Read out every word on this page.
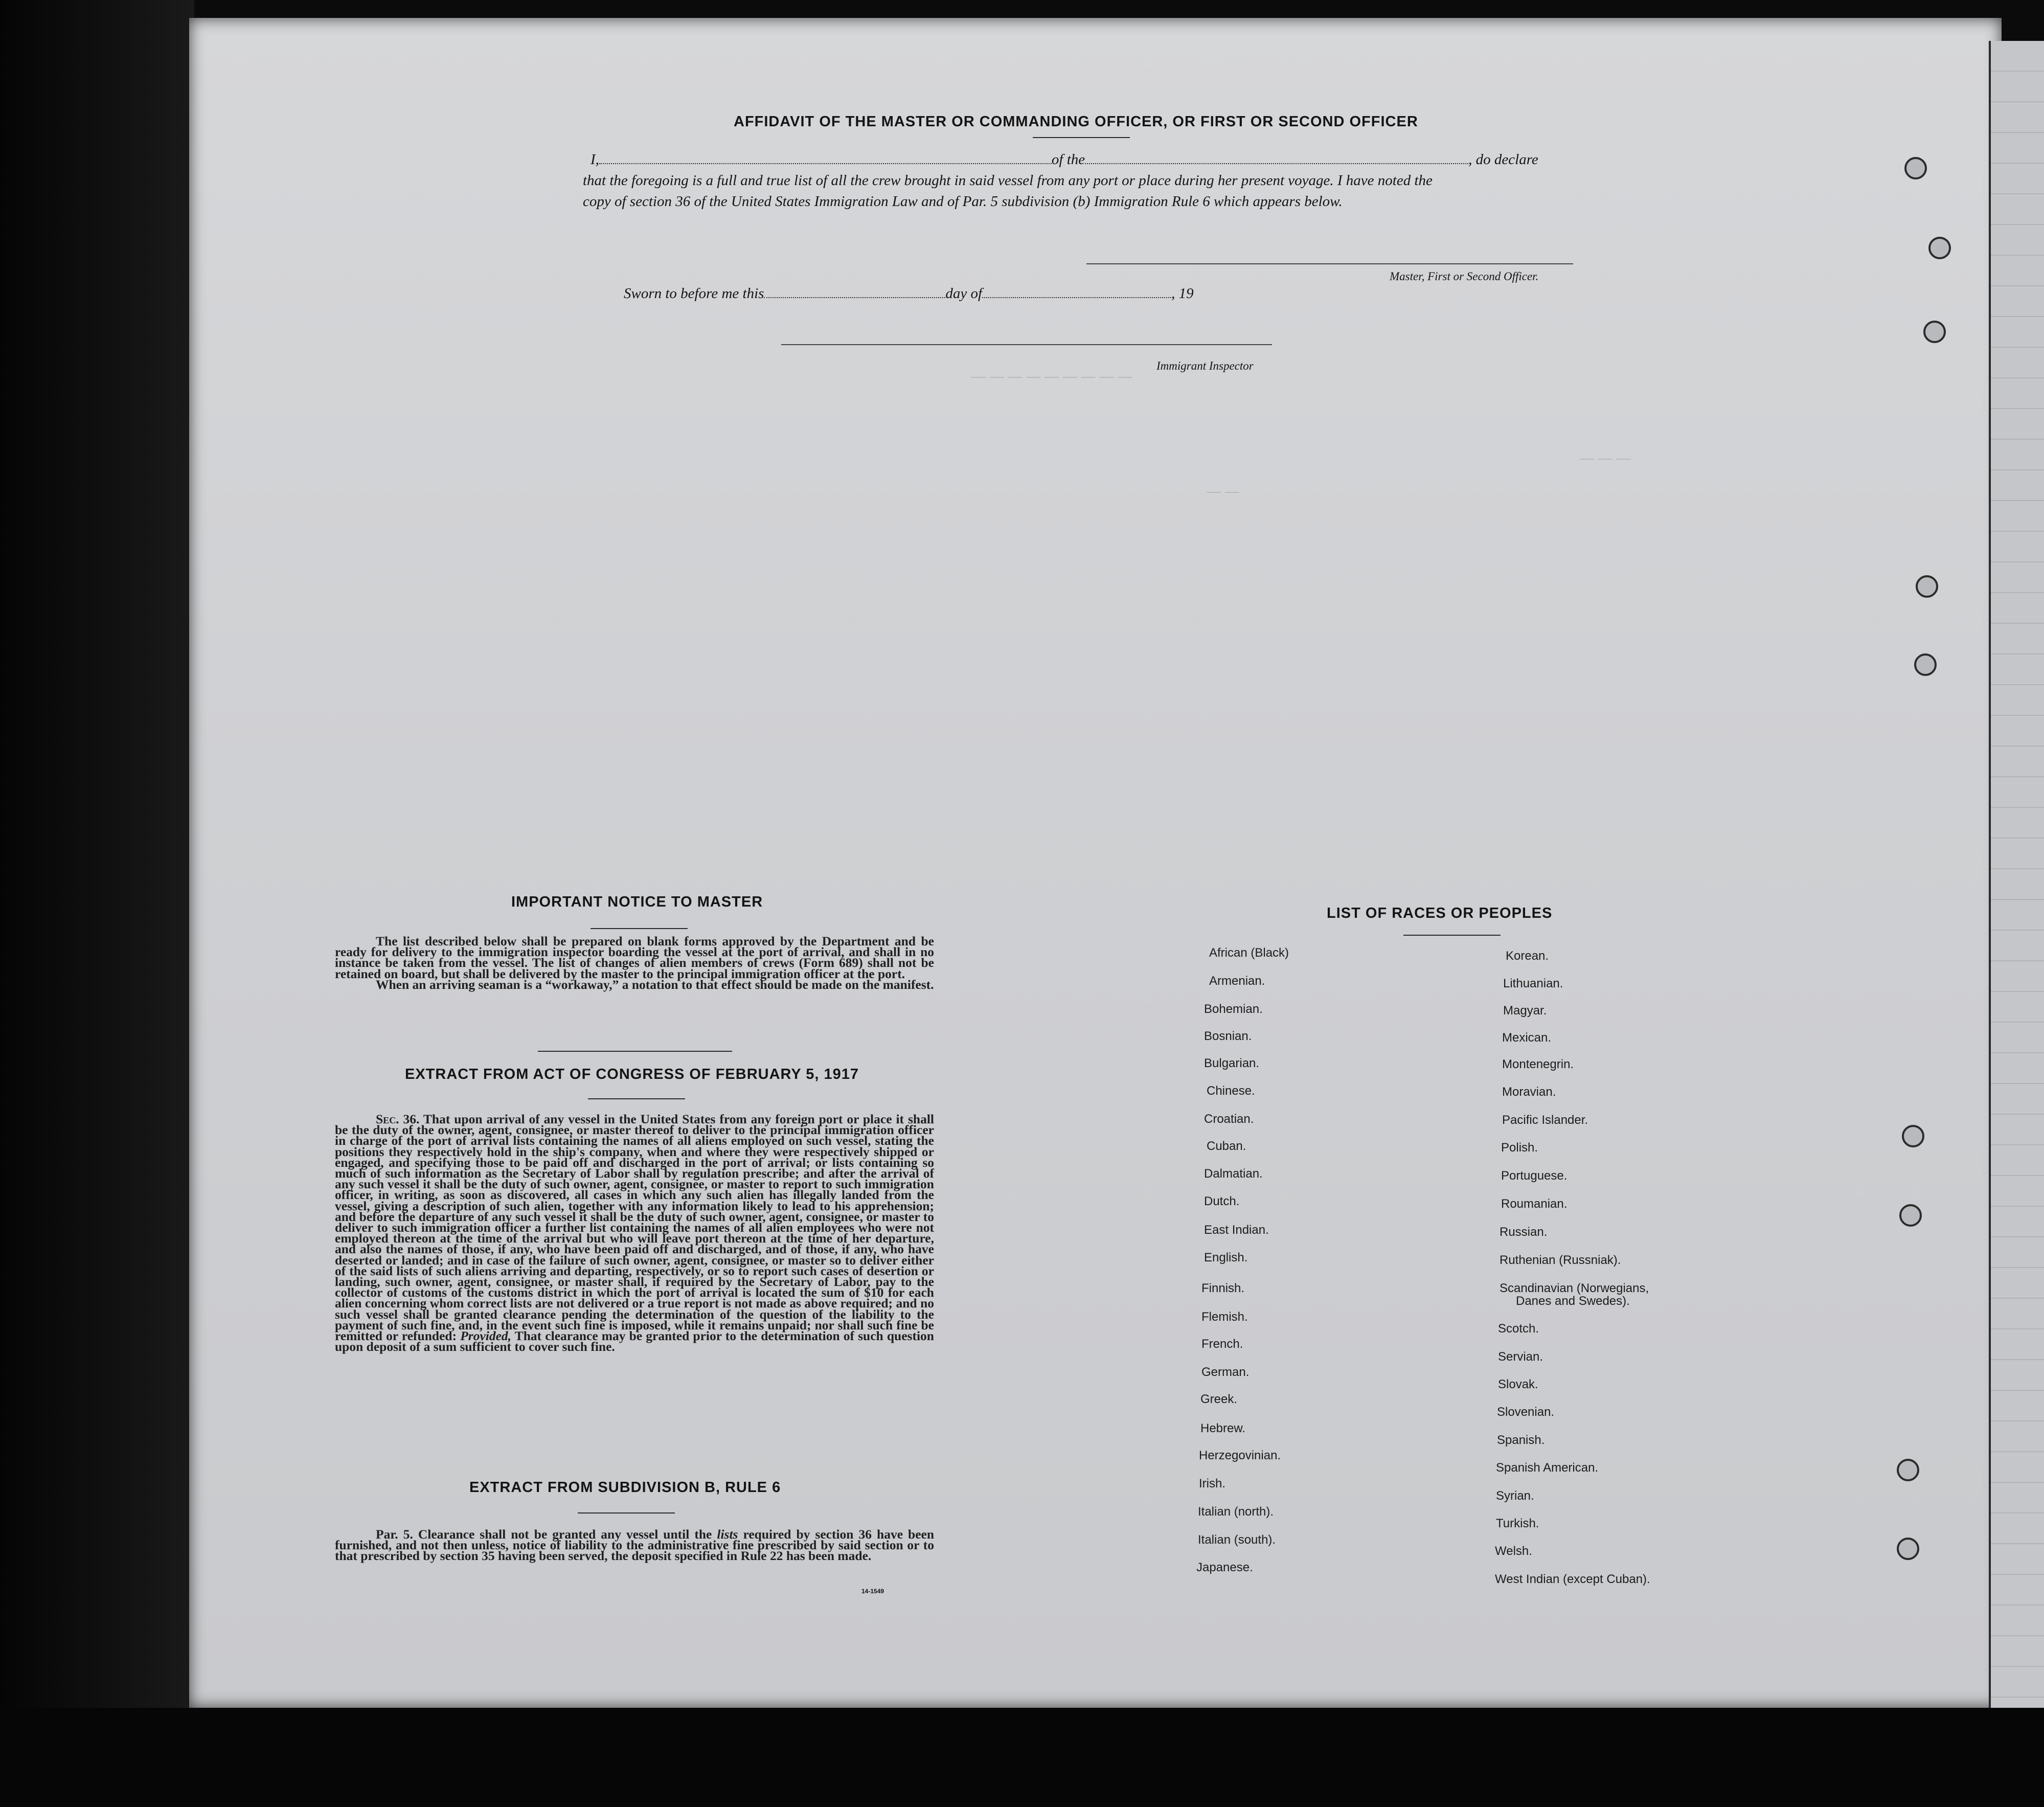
AFFIDAVIT OF THE MASTER OR COMMANDING OFFICER, OR FIRST OR SECOND OFFICER
I,	of the	, do declare
that the foregoing is a full and true list of all the crew brought in said vessel from any port or place during her present voyage. I have noted the
copy of section 36 of the United States Immigration Law and of Par. 5 subdivision (b) Immigration Rule 6 which appears below.
Master, First or Second Officer.
Sworn to before me this	day of	, 19
Immigrant Inspector
— — — — — — — — —
— —
— — —
IMPORTANT NOTICE TO MASTER

The list described below shall be prepared on blank forms approved by the Department and be ready for delivery to the immigration inspector boarding the vessel at the port of arrival, and shall in no instance be taken from the vessel. The list of changes of alien members of crews (Form 689) shall not be retained on board, but shall be delivered by the master to the principal immigration officer at the port.

When an arriving seaman is a “workaway,” a notation to that effect should be made on the manifest.

EXTRACT FROM ACT OF CONGRESS OF FEBRUARY 5, 1917

Sec. 36. That upon arrival of any vessel in the United States from any foreign port or place it shall be the duty of the owner, agent, consignee, or master thereof to deliver to the principal immigration officer in charge of the port of arrival lists containing the names of all aliens employed on such vessel, stating the positions they respectively hold in the ship's company, when and where they were respectively shipped or engaged, and specifying those to be paid off and discharged in the port of arrival; or lists containing so much of such information as the Secretary of Labor shall by regulation prescribe; and after the arrival of any such vessel it shall be the duty of such owner, agent, consignee, or master to report to such immigration officer, in writing, as soon as discovered, all cases in which any such alien has illegally landed from the vessel, giving a description of such alien, together with any information likely to lead to his apprehension; and before the departure of any such vessel it shall be the duty of such owner, agent, consignee, or master to deliver to such immigration officer a further list containing the names of all alien employees who were not employed thereon at the time of the arrival but who will leave port thereon at the time of her departure, and also the names of those, if any, who have been paid off and discharged, and of those, if any, who have deserted or landed; and in case of the failure of such owner, agent, consignee, or master so to deliver either of the said lists of such aliens arriving and departing, respectively, or so to report such cases of desertion or landing, such owner, agent, consignee, or master shall, if required by the Secretary of Labor, pay to the collector of customs of the customs district in which the port of arrival is located the sum of $10 for each alien concerning whom correct lists are not delivered or a true report is not made as above required; and no such vessel shall be granted clearance pending the determination of the question of the liability to the payment of such fine, and, in the event such fine is imposed, while it remains unpaid; nor shall such fine be remitted or refunded: Provided, That clearance may be granted prior to the determination of such question upon deposit of a sum sufficient to cover such fine.

EXTRACT FROM SUBDIVISION B, RULE 6

Par. 5. Clearance shall not be granted any vessel until the lists required by section 36 have been furnished, and not then unless, notice of liability to the administrative fine prescribed by said section or to that prescribed by section 35 having been served, the deposit specified in Rule 22 has been made.

14-1549
LIST OF RACES OR PEOPLES
African (Black)
Armenian.
Bohemian.
Bosnian.
Bulgarian.
Chinese.
Croatian.
Cuban.
Dalmatian.
Dutch.
East Indian.
English.
Finnish.
Flemish.
French.
German.
Greek.
Hebrew.
Herzegovinian.
Irish.
Italian (north).
Italian (south).
Japanese.
Korean.
Lithuanian.
Magyar.
Mexican.
Montenegrin.
Moravian.
Pacific Islander.
Polish.
Portuguese.
Roumanian.
Russian.
Ruthenian (Russniak).
Scandinavian (Norwegians,
Danes and Swedes).
Scotch.
Servian.
Slovak.
Slovenian.
Spanish.
Spanish American.
Syrian.
Turkish.
Welsh.
West Indian (except Cuban).
